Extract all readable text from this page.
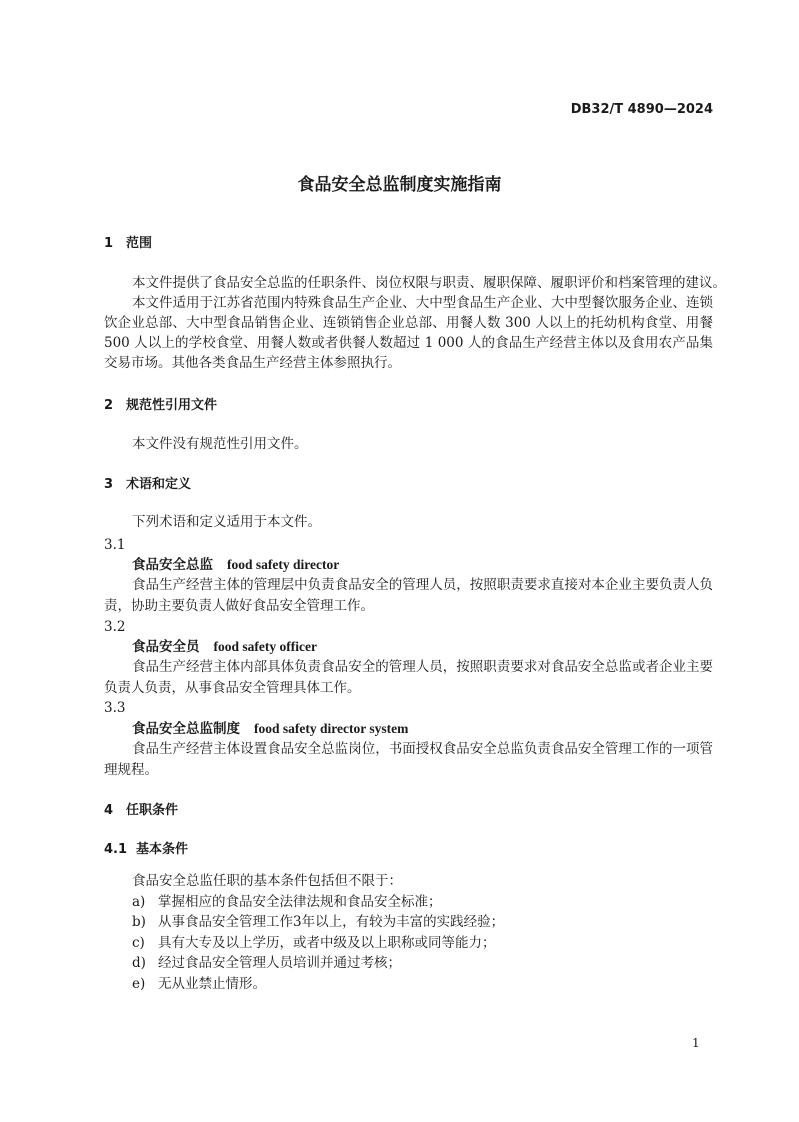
DB32/T 4890—2024
食品安全总监制度实施指南
1 范围
本文件提供了食品安全总监的任职条件、岗位权限与职责、履职保障、履职评价和档案管理的建议。
本文件适用于江苏省范围内特殊食品生产企业、大中型食品生产企业、大中型餐饮服务企业、连锁
饮企业总部、大中型食品销售企业、连锁销售企业总部、用餐人数 300 人以上的托幼机构食堂、用餐
500 人以上的学校食堂、用餐人数或者供餐人数超过 1 000 人的食品生产经营主体以及食用农产品集
交易市场。其他各类食品生产经营主体参照执行。
2 规范性引用文件
本文件没有规范性引用文件。
3 术语和定义
下列术语和定义适用于本文件。
3.1
食品安全总监 food safety director
食品生产经营主体的管理层中负责食品安全的管理人员，按照职责要求直接对本企业主要负责人负
责，协助主要负责人做好食品安全管理工作。
3.2
食品安全员 food safety officer
食品生产经营主体内部具体负责食品安全的管理人员，按照职责要求对食品安全总监或者企业主要
负责人负责，从事食品安全管理具体工作。
3.3
食品安全总监制度 food safety director system
食品生产经营主体设置食品安全总监岗位，书面授权食品安全总监负责食品安全管理工作的一项管
理规程。
4 任职条件
4.1 基本条件
食品安全总监任职的基本条件包括但不限于：
a) 掌握相应的食品安全法律法规和食品安全标准；
b) 从事食品安全管理工作3年以上，有较为丰富的实践经验；
c) 具有大专及以上学历，或者中级及以上职称或同等能力；
d) 经过食品安全管理人员培训并通过考核；
e) 无从业禁止情形。
1
